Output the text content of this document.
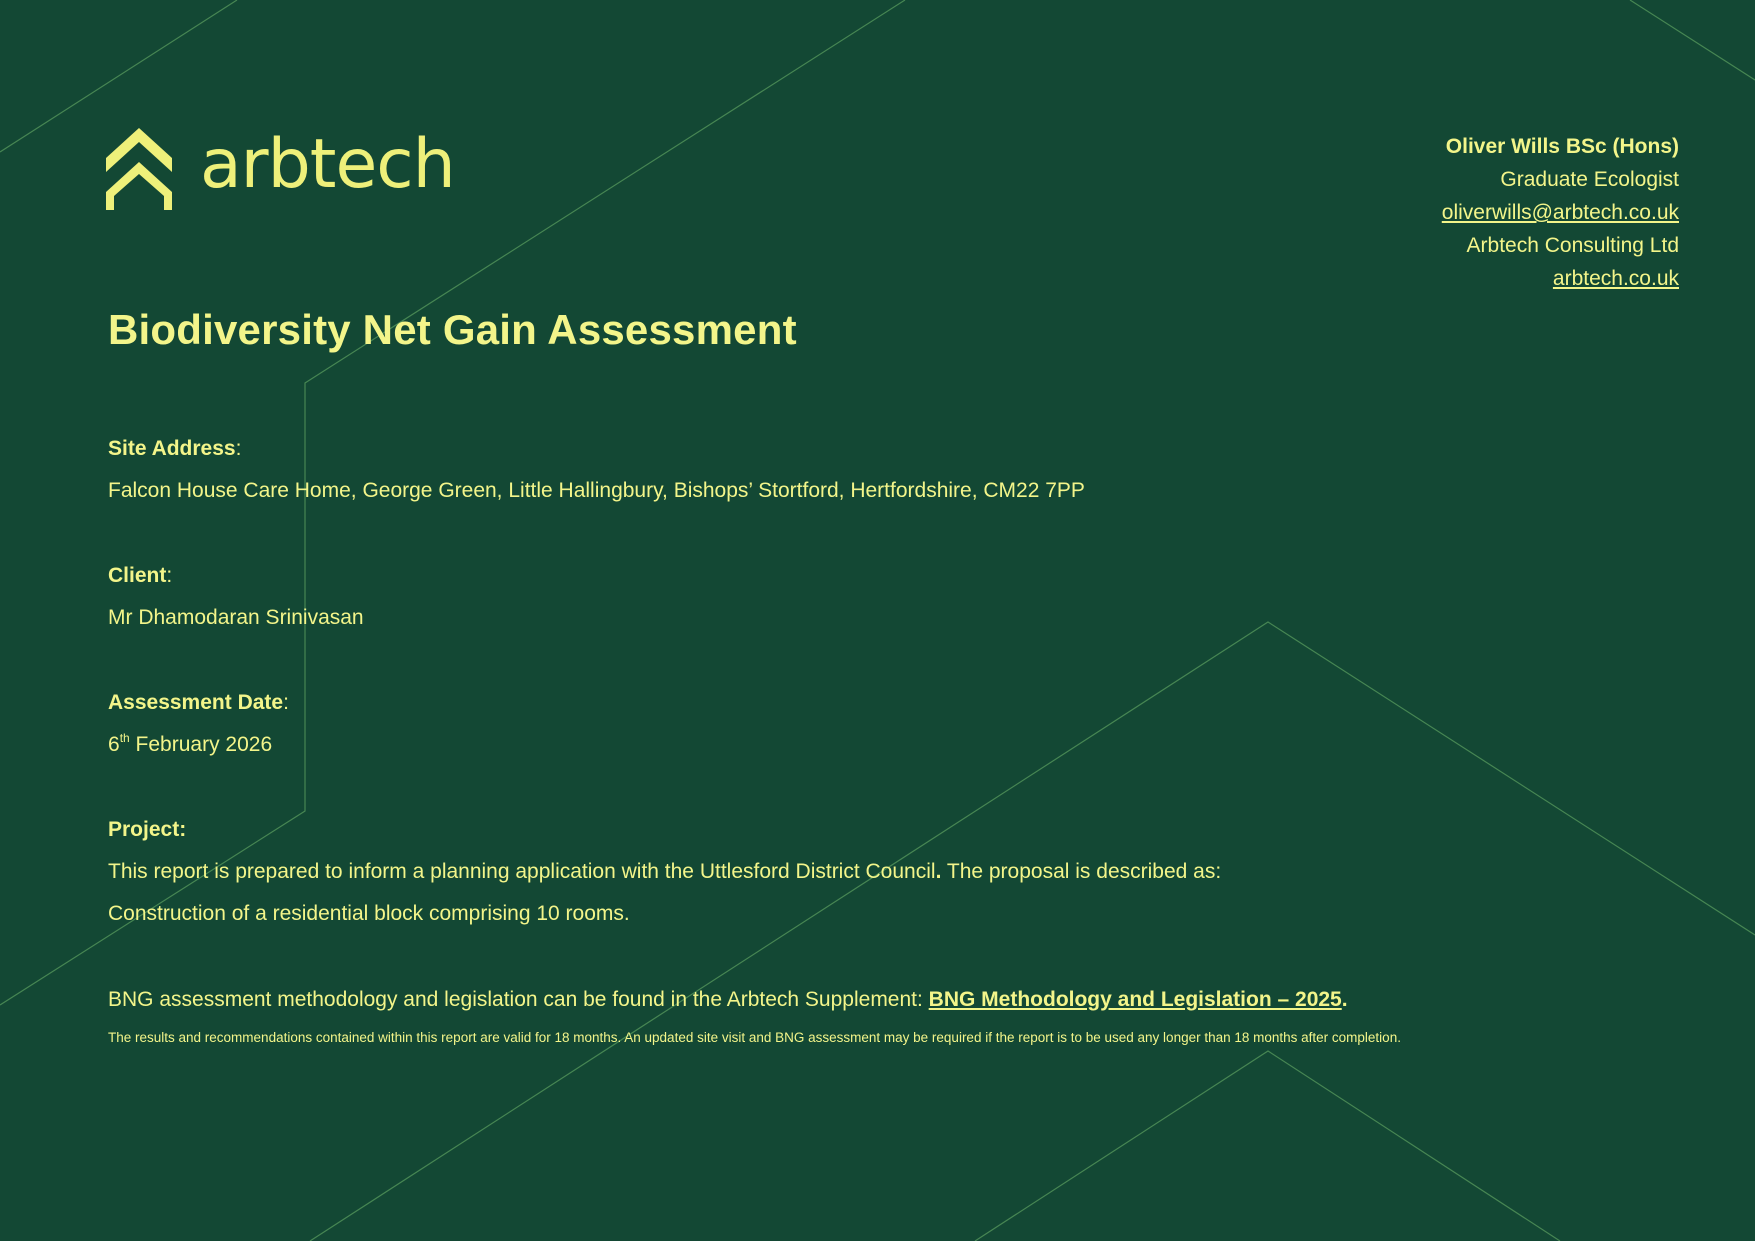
arbtech	Oliver Wills BSc (Hons)
Graduate Ecologist
oliverwills@arbtech.co.uk
Arbtech Consulting Ltd
arbtech.co.uk
Biodiversity Net Gain Assessment
Site Address:
Falcon House Care Home, George Green, Little Hallingbury, Bishops’ Stortford, Hertfordshire, CM22 7PP
Client:
Mr Dhamodaran Srinivasan
Assessment Date:
6th February 2026
Project:
This report is prepared to inform a planning application with the Uttlesford District Council. The proposal is described as:
Construction of a residential block comprising 10 rooms.
BNG assessment methodology and legislation can be found in the Arbtech Supplement: BNG Methodology and Legislation – 2025.
The results and recommendations contained within this report are valid for 18 months. An updated site visit and BNG assessment may be required if the report is to be used any longer than 18 months after completion.
